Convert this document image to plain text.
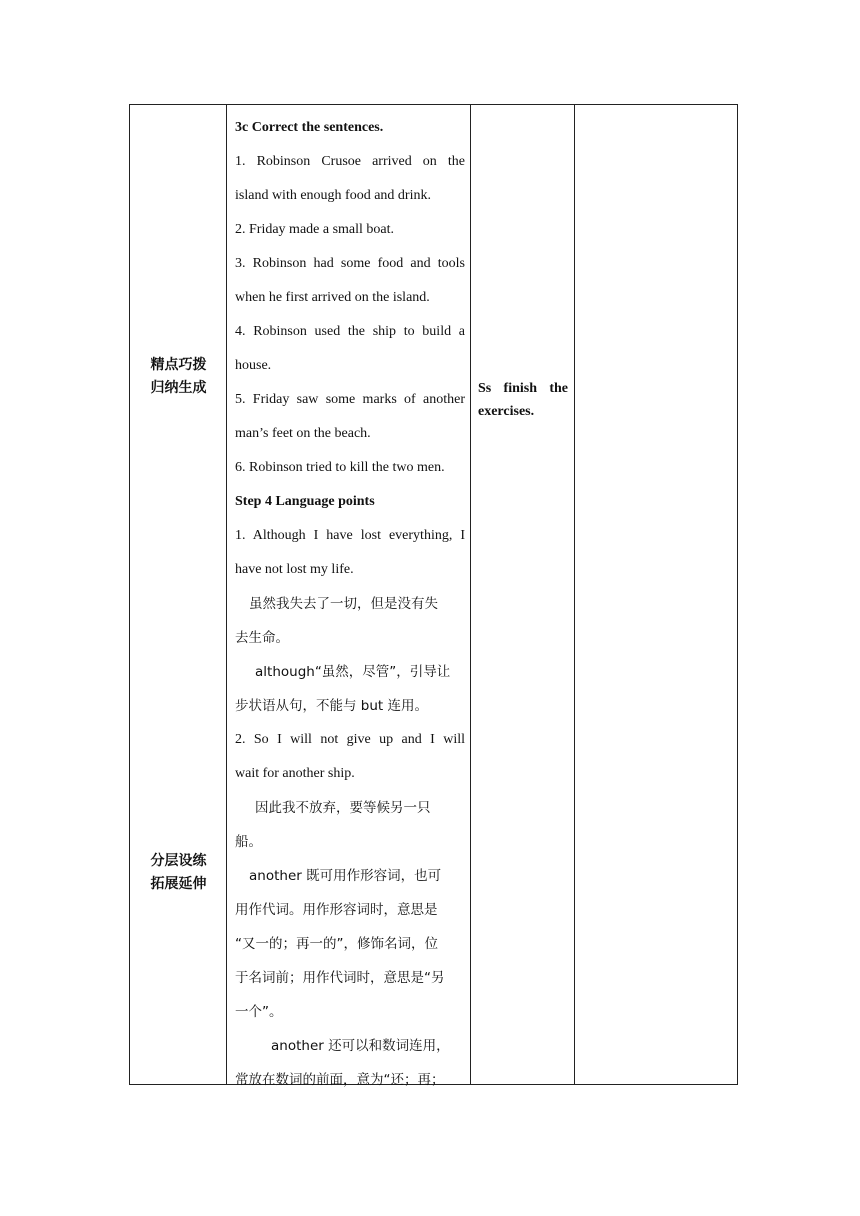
精点巧拨
归纳生成
分层设练
拓展延伸
3c Correct the sentences.
1. Robinson Crusoe arrived on the
island with enough food and drink.
2. Friday made a small boat.
3. Robinson had some food and tools
when he first arrived on the island.
4. Robinson used the ship to build a
house.
5. Friday saw some marks of another
man’s feet on the beach.
6. Robinson tried to kill the two men.
Step 4 Language points
1. Although I have lost everything, I
have not lost my life.
虽然我失去了一切，但是没有失
去生命。
although“虽然，尽管”，引导让
步状语从句，不能与 but 连用。
2. So I will not give up and I will
wait for another ship.
因此我不放弃，要等候另一只
船。
another 既可用作形容词，也可
用作代词。用作形容词时，意思是
“又一的；再一的”，修饰名词，位
于名词前；用作代词时，意思是“另
一个”。
another 还可以和数词连用，
常放在数词的前面，意为“还；再；
Ss finish the
exercises.
